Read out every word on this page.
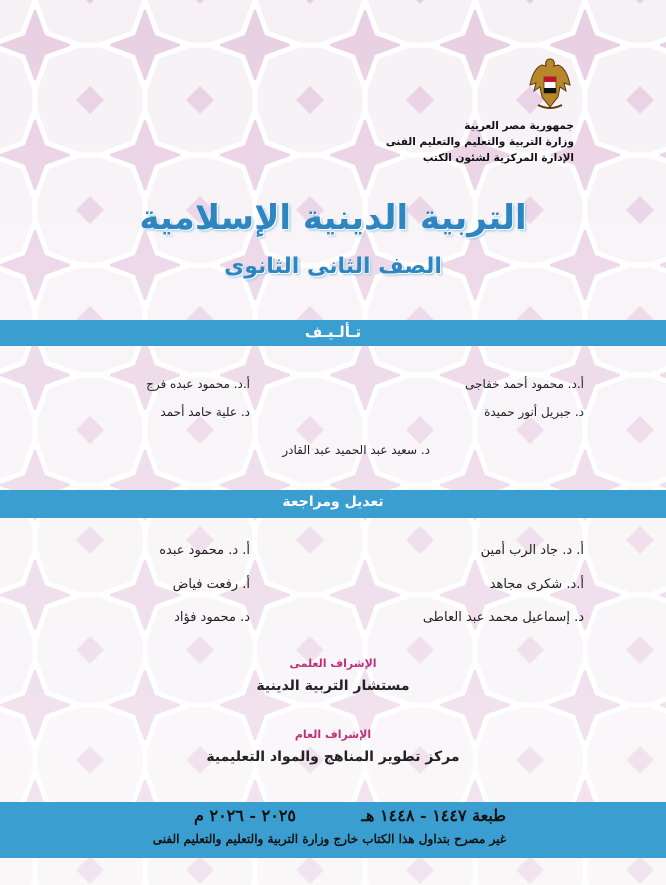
جمهورية مصر العربية
وزارة التربية والتعليم والتعليم الفنى
الإدارة المركزية لشئون الكتب
التربية الدينية الإسلامية
الصف الثانى الثانوى
تـألـيـف
أ.د. محمود أحمد خفاجى
أ.د. محمود عبده فرج
د. جبريل أنور حميدة
د. علية حامد أحمد
د. سعيد عبد الحميد عبد القادر
تعديل ومراجعة
أ. د. جاد الرب أمين
أ. د. محمود عبده
أ.د. شكرى مجاهد
أ. رفعت فياض
د. إسماعيل محمد عبد العاطى
د. محمود فؤاد
الإشراف العلمى
مستشار التربية الدينية
الإشراف العام
مركز تطوير المناهج والمواد التعليمية
طبعة ١٤٤٧ - ١٤٤٨ هـ
٢٠٢٥ - ٢٠٢٦ م
غير مصرح بتداول هذا الكتاب خارج وزارة التربية والتعليم والتعليم الفنى
